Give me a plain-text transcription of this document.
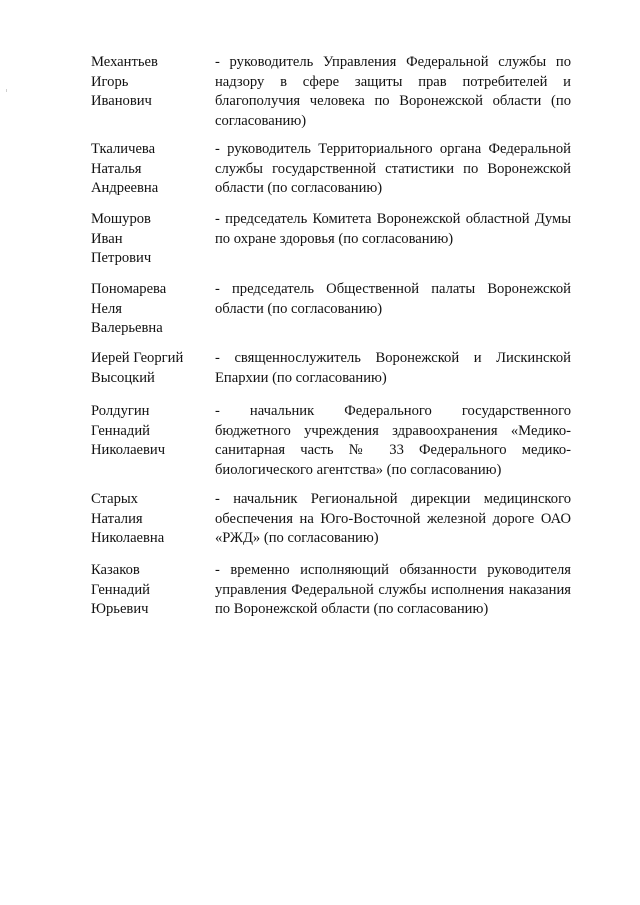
Механтьев
Игорь
Иванович
- руководитель Управления Федеральной службы по надзору в сфере защиты прав потребителей и благополучия человека по Воронежской области (по согласованию)
Ткаличева
Наталья
Андреевна
- руководитель Территориального органа Федеральной службы государственной статистики по Воронежской области (по согласованию)
Мошуров
Иван
Петрович
- председатель Комитета Воронежской областной Думы по охране здоровья (по согласованию)
Пономарева
Неля
Валерьевна
- председатель Общественной палаты Воронежской области (по согласованию)
Иерей Георгий
Высоцкий
- священнослужитель Воронежской и Лискинской Епархии (по согласованию)
Ролдугин
Геннадий
Николаевич
- начальник Федерального государственного бюджетного учреждения здравоохранения «Медико-санитарная часть № 33 Федерального медико-биологического агентства» (по согласованию)
Старых
Наталия
Николаевна
- начальник Региональной дирекции медицинского обеспечения на Юго-Восточной железной дороге ОАО «РЖД» (по согласованию)
Казаков
Геннадий
Юрьевич
- временно исполняющий обязанности руководителя управления Федеральной службы исполнения наказания по Воронежской области (по согласованию)
